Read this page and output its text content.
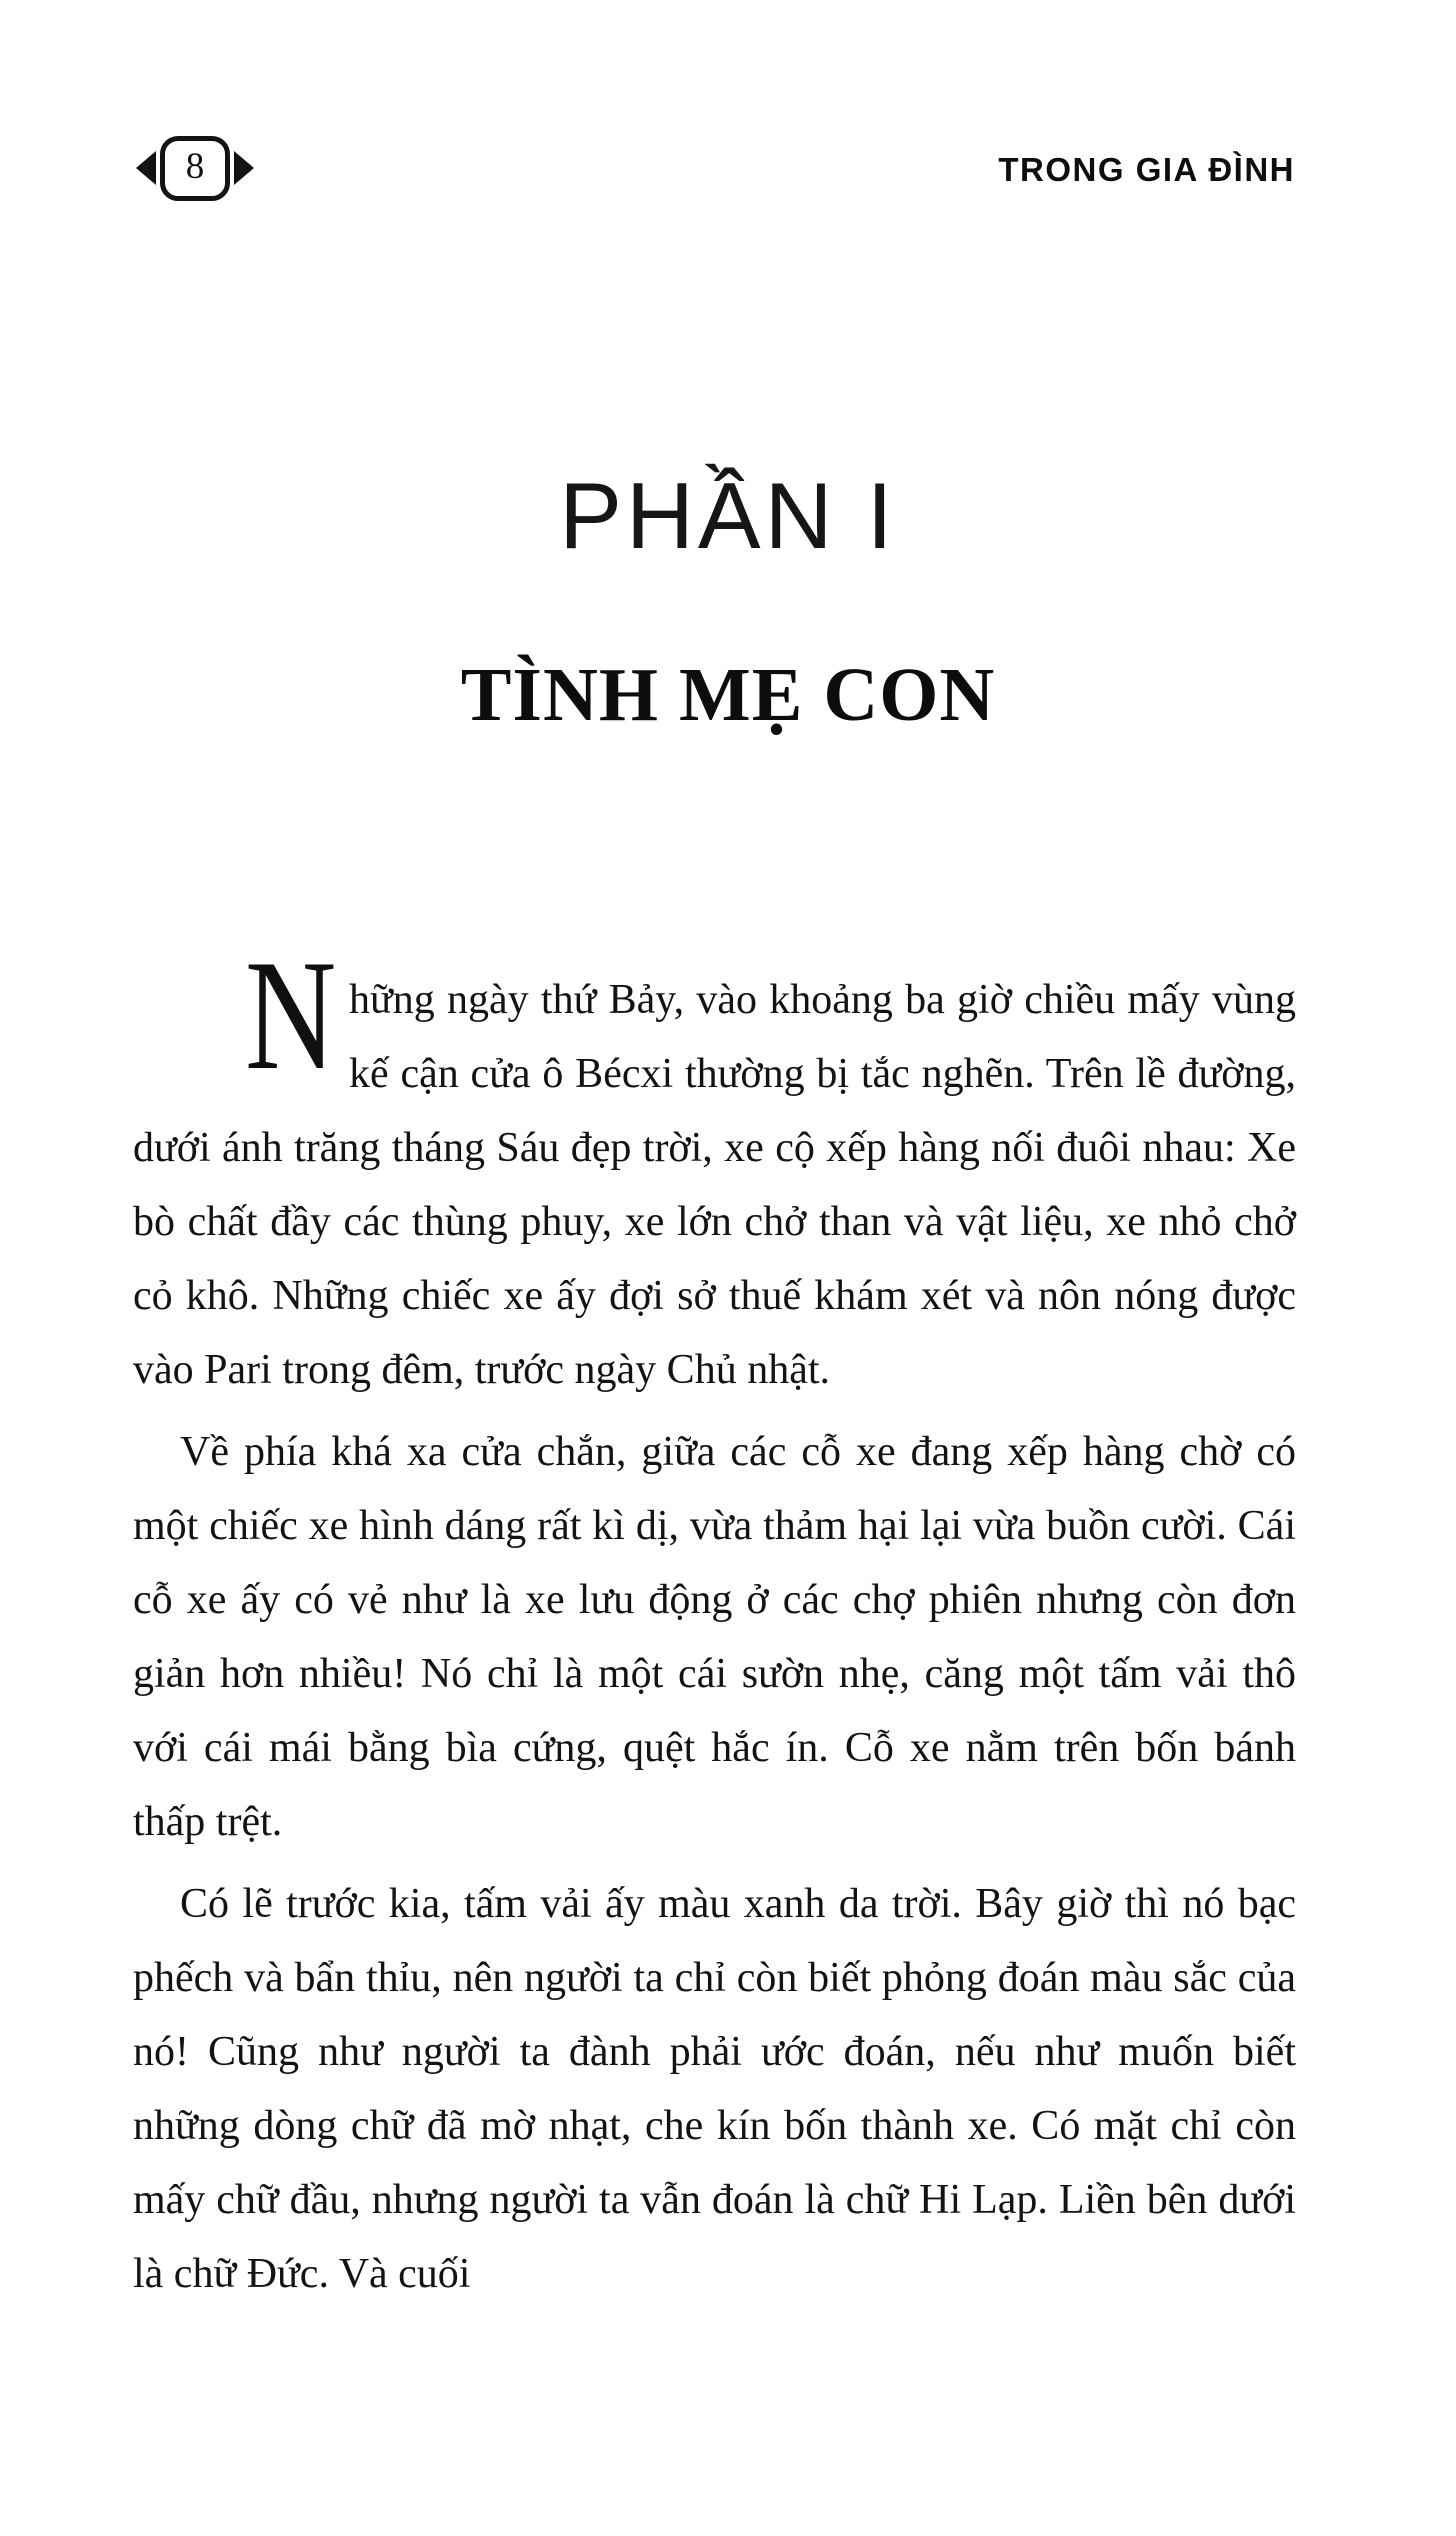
8	TRONG GIA ĐÌNH
PHẦN I
TÌNH MẸ CON

N hững ngày thứ Bảy, vào khoảng ba giờ chiều mấy vùng kế cận cửa ô Bécxi thường bị tắc nghẽn. Trên lề đường, dưới ánh trăng tháng Sáu đẹp trời, xe cộ xếp hàng nối đuôi nhau: Xe bò chất đầy các thùng phuy, xe lớn chở than và vật liệu, xe nhỏ chở cỏ khô. Những chiếc xe ấy đợi sở thuế khám xét và nôn nóng được vào Pari trong đêm, trước ngày Chủ nhật.

Về phía khá xa cửa chắn, giữa các cỗ xe đang xếp hàng chờ có một chiếc xe hình dáng rất kì dị, vừa thảm hại lại vừa buồn cười. Cái cỗ xe ấy có vẻ như là xe lưu động ở các chợ phiên nhưng còn đơn giản hơn nhiều! Nó chỉ là một cái sườn nhẹ, căng một tấm vải thô với cái mái bằng bìa cứng, quệt hắc ín. Cỗ xe nằm trên bốn bánh thấp trệt.

Có lẽ trước kia, tấm vải ấy màu xanh da trời. Bây giờ thì nó bạc phếch và bẩn thỉu, nên người ta chỉ còn biết phỏng đoán màu sắc của nó! Cũng như người ta đành phải ước đoán, nếu như muốn biết những dòng chữ đã mờ nhạt, che kín bốn thành xe. Có mặt chỉ còn mấy chữ đầu, nhưng người ta vẫn đoán là chữ Hi Lạp. Liền bên dưới là chữ Đức. Và cuối
